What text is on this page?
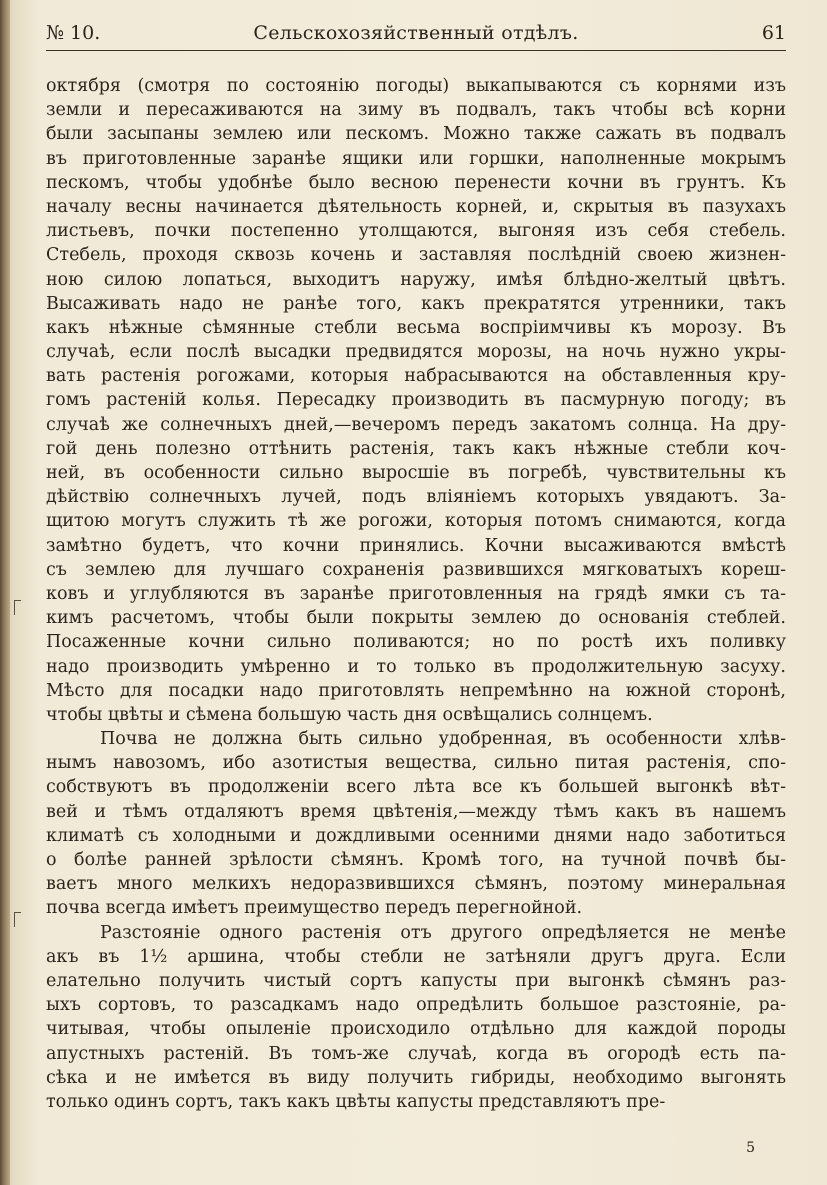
№ 10.	Сельскохозяйственный отдѣлъ.	61
октября (смотря по состоянію погоды) выкапываются съ корнями изъ
земли и пересаживаются на зиму въ подвалъ, такъ чтобы всѣ корни
были засыпаны землею или пескомъ. Можно также сажать въ подвалъ
въ приготовленные заранѣе ящики или горшки, наполненные мокрымъ
пескомъ, чтобы удобнѣе было весною перенести кочни въ грунтъ. Къ
началу весны начинается дѣятельность корней, и, скрытыя въ пазухахъ
листьевъ, почки постепенно утолщаются, выгоняя изъ себя стебель.
Стебель, проходя сквозь кочень и заставляя послѣдній своею жизнен-
ною силою лопаться, выходитъ наружу, имѣя блѣдно-желтый цвѣтъ.
Высаживать надо не ранѣе того, какъ прекратятся утренники, такъ
какъ нѣжные сѣмянные стебли весьма воспріимчивы къ морозу. Въ
случаѣ, если послѣ высадки предвидятся морозы, на ночь нужно укры-
вать растенія рогожами, которыя набрасываются на обставленныя кру-
гомъ растеній колья. Пересадку производить въ пасмурную погоду; въ
случаѣ же солнечныхъ дней,—вечеромъ передъ закатомъ солнца. На дру-
гой день полезно оттѣнить растенія, такъ какъ нѣжные стебли коч-
ней, въ особенности сильно выросшіе въ погребѣ, чувствительны къ
дѣйствію солнечныхъ лучей, подъ вліяніемъ которыхъ увядаютъ. За-
щитою могутъ служить тѣ же рогожи, которыя потомъ снимаются, когда
замѣтно будетъ, что кочни принялись. Кочни высаживаются вмѣстѣ
съ землею для лучшаго сохраненія развившихся мягковатыхъ кореш-
ковъ и углубляются въ заранѣе приготовленныя на грядѣ ямки съ та-
кимъ расчетомъ, чтобы были покрыты землею до основанія стеблей.
Посаженные кочни сильно поливаются; но по ростѣ ихъ поливку
надо производить умѣренно и то только въ продолжительную засуху.
Мѣсто для посадки надо приготовлять непремѣнно на южной сторонѣ,
чтобы цвѣты и сѣмена большую часть дня освѣщались солнцемъ.
Почва не должна быть сильно удобренная, въ особенности хлѣв-
нымъ навозомъ, ибо азотистыя вещества, сильно питая растенія, спо-
собствуютъ въ продолженіи всего лѣта все къ большей выгонкѣ вѣт-
вей и тѣмъ отдаляютъ время цвѣтенія,—между тѣмъ какъ въ нашемъ
климатѣ съ холодными и дождливыми осенними днями надо заботиться
о болѣе ранней зрѣлости сѣмянъ. Кромѣ того, на тучной почвѣ бы-
ваетъ много мелкихъ недоразвившихся сѣмянъ, поэтому минеральная
почва всегда имѣетъ преимущество передъ перегнойной.
Разстояніе одного растенія отъ другого опредѣляется не менѣе
акъ въ 1½ аршина, чтобы стебли не затѣняли другъ друга. Если
елательно получить чистый сортъ капусты при выгонкѣ сѣмянъ раз-
ыхъ сортовъ, то разсадкамъ надо опредѣлить большое разстояніе, ра-
читывая, чтобы опыленіе происходило отдѣльно для каждой породы
апустныхъ растеній. Въ томъ-же случаѣ, когда въ огородѣ есть па-
сѣка и не имѣется въ виду получить гибриды, необходимо выгонять
только одинъ сортъ, такъ какъ цвѣты капусты представляютъ пре-
5
